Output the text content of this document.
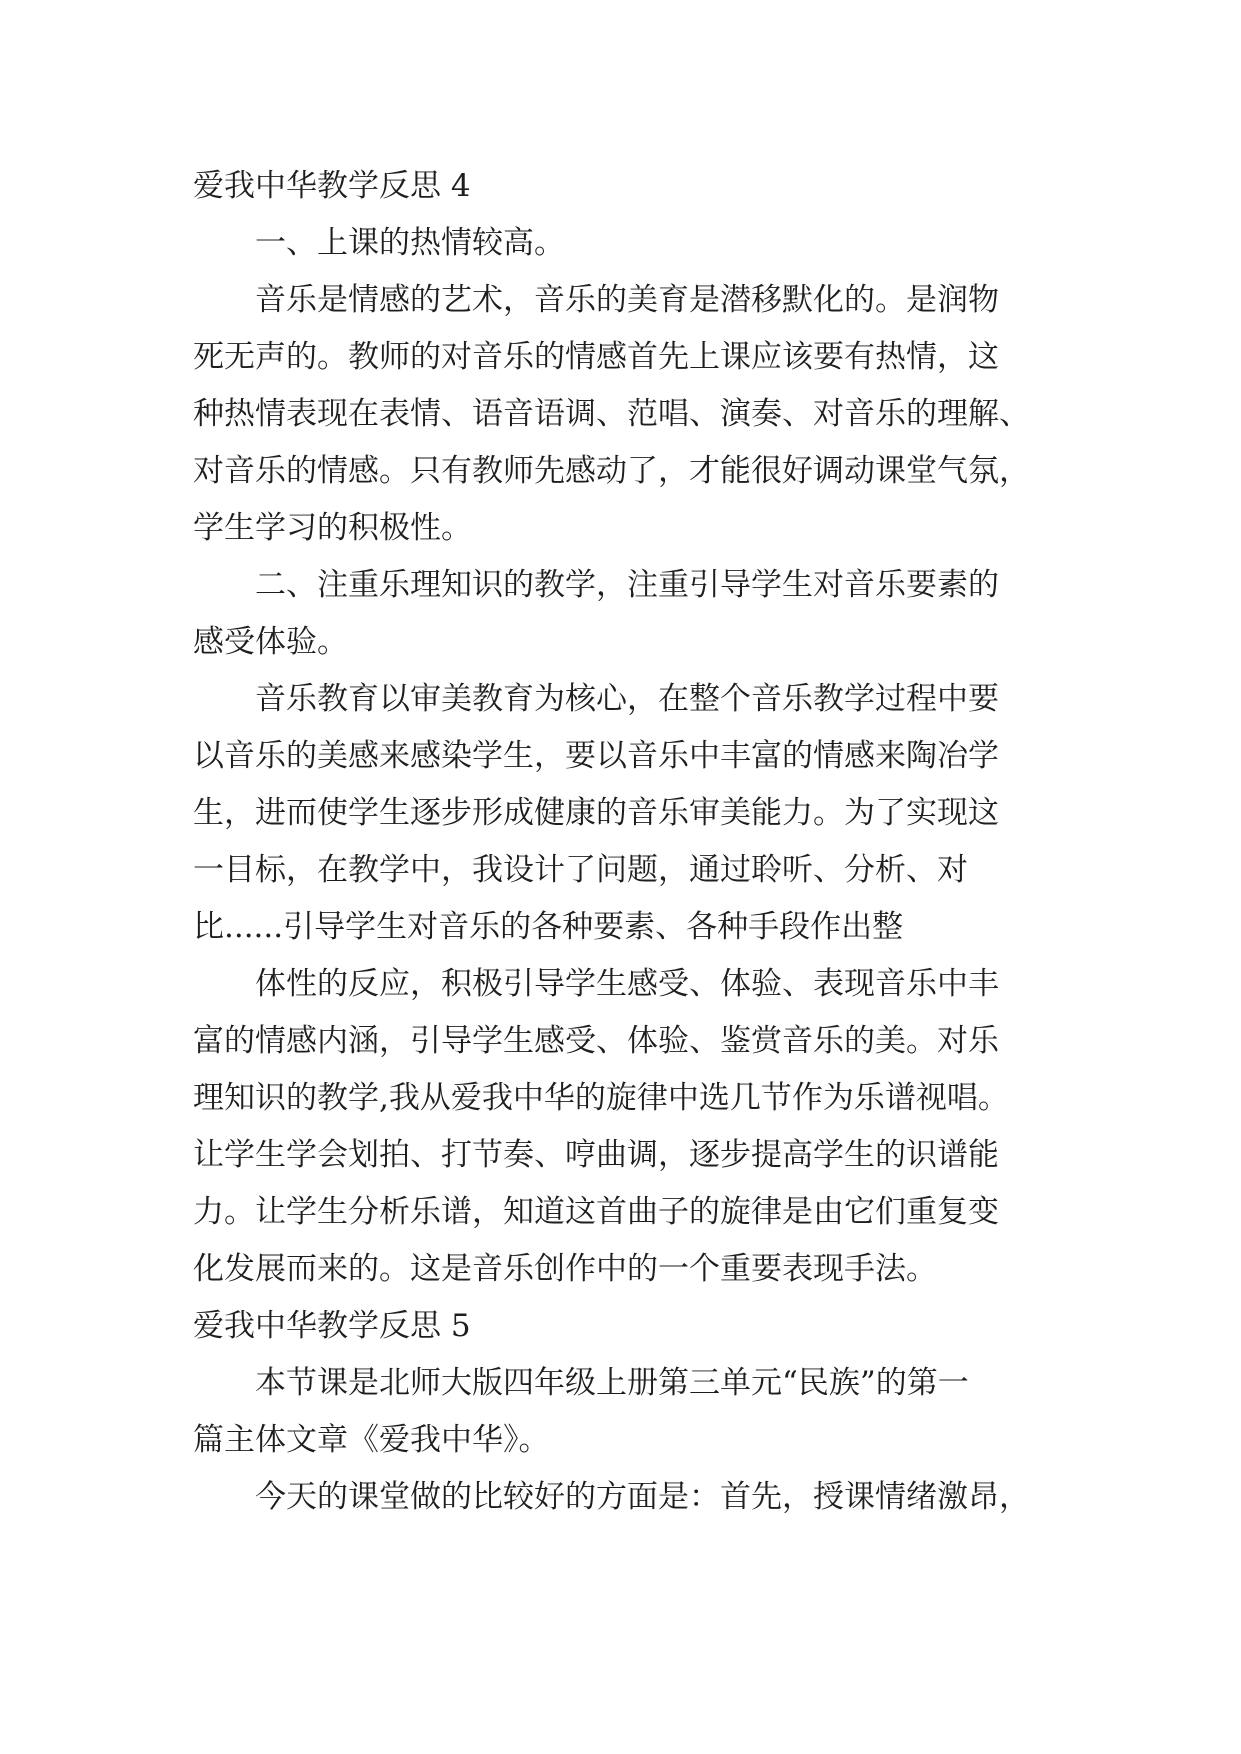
爱我中华教学反思 4

　　一、上课的热情较高。

　　音乐是情感的艺术，音乐的美育是潜移默化的。是润物

死无声的。教师的对音乐的情感首先上课应该要有热情，这

种热情表现在表情、语音语调、范唱、演奏、对音乐的理解、

对音乐的情感。只有教师先感动了，才能很好调动课堂气氛，

学生学习的积极性。

　　二、注重乐理知识的教学，注重引导学生对音乐要素的

感受体验。

　　音乐教育以审美教育为核心，在整个音乐教学过程中要

以音乐的美感来感染学生，要以音乐中丰富的情感来陶冶学

生，进而使学生逐步形成健康的音乐审美能力。为了实现这

一目标，在教学中，我设计了问题，通过聆听、分析、对

比......引导学生对音乐的各种要素、各种手段作出整

　　体性的反应，积极引导学生感受、体验、表现音乐中丰

富的情感内涵，引导学生感受、体验、鉴赏音乐的美。对乐

理知识的教学,我从爱我中华的旋律中选几节作为乐谱视唱。

让学生学会划拍、打节奏、哼曲调，逐步提高学生的识谱能

力。让学生分析乐谱，知道这首曲子的旋律是由它们重复变

化发展而来的。这是音乐创作中的一个重要表现手法。

爱我中华教学反思 5

　　本节课是北师大版四年级上册第三单元“民族”的第一

篇主体文章《爱我中华》。

　　今天的课堂做的比较好的方面是：首先，授课情绪激昂，
